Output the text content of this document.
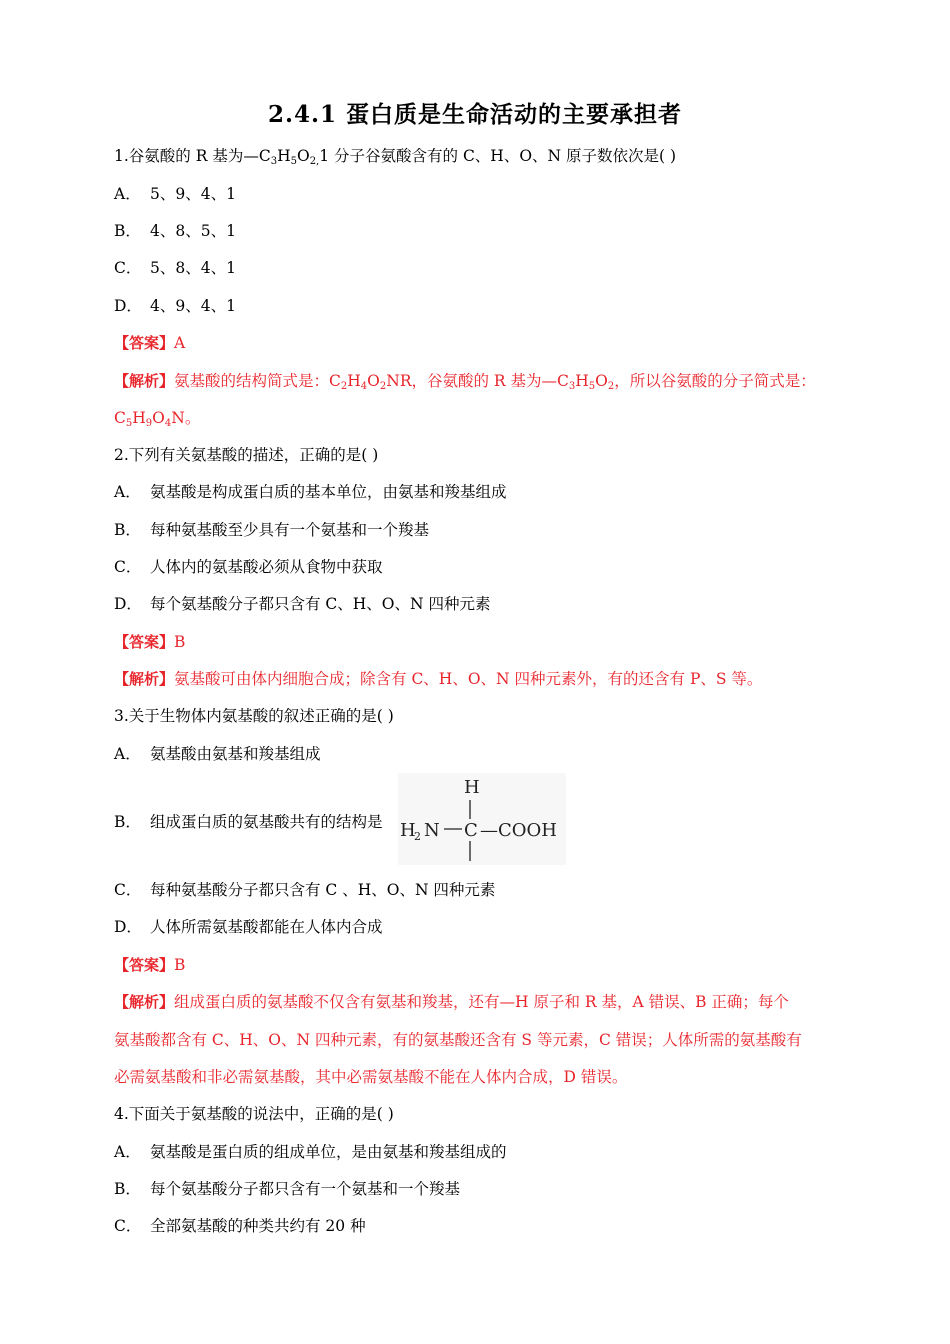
2.4.1 蛋白质是生命活动的主要承担者
1.谷氨酸的 R 基为$—C_3H_5O_{2,}1$ 分子谷氨酸含有的 C、H、O、N 原子数依次是( )
A． 5、9、4、1
B． 4、8、5、1
C． 5、8、4、1
D． 4、9、4、1
【答案】A
【解析】氨基酸的结构简式是：$C_2H_4O_2NR$，谷氨酸的 R 基为$—C_3H_5O_2$，所以谷氨酸的分子简式是：
$C_5H_9O_4N$。
2.下列有关氨基酸的描述，正确的是( )
A． 氨基酸是构成蛋白质的基本单位，由氨基和羧基组成
B． 每种氨基酸至少具有一个氨基和一个羧基
C． 人体内的氨基酸必须从食物中获取
D． 每个氨基酸分子都只含有 C、H、O、N 四种元素
【答案】B
【解析】氨基酸可由体内细胞合成；除含有 C、H、O、N 四种元素外，有的还含有 P、S 等。
3.关于生物体内氨基酸的叙述正确的是( )
A． 氨基酸由氨基和羧基组成
B． 组成蛋白质的氨基酸共有的结构是
H
H
2 N C —COOH
C． 每种氨基酸分子都只含有 C 、H、O、N 四种元素
D． 人体所需氨基酸都能在人体内合成
【答案】B
【解析】组成蛋白质的氨基酸不仅含有氨基和羧基，还有—H 原子和 R 基，A 错误、B 正确；每个
氨基酸都含有 C、H、O、N 四种元素，有的氨基酸还含有 S 等元素，C 错误；人体所需的氨基酸有
必需氨基酸和非必需氨基酸，其中必需氨基酸不能在人体内合成，D 错误。
4.下面关于氨基酸的说法中，正确的是( )
A． 氨基酸是蛋白质的组成单位，是由氨基和羧基组成的
B． 每个氨基酸分子都只含有一个氨基和一个羧基
C． 全部氨基酸的种类共约有 20 种
